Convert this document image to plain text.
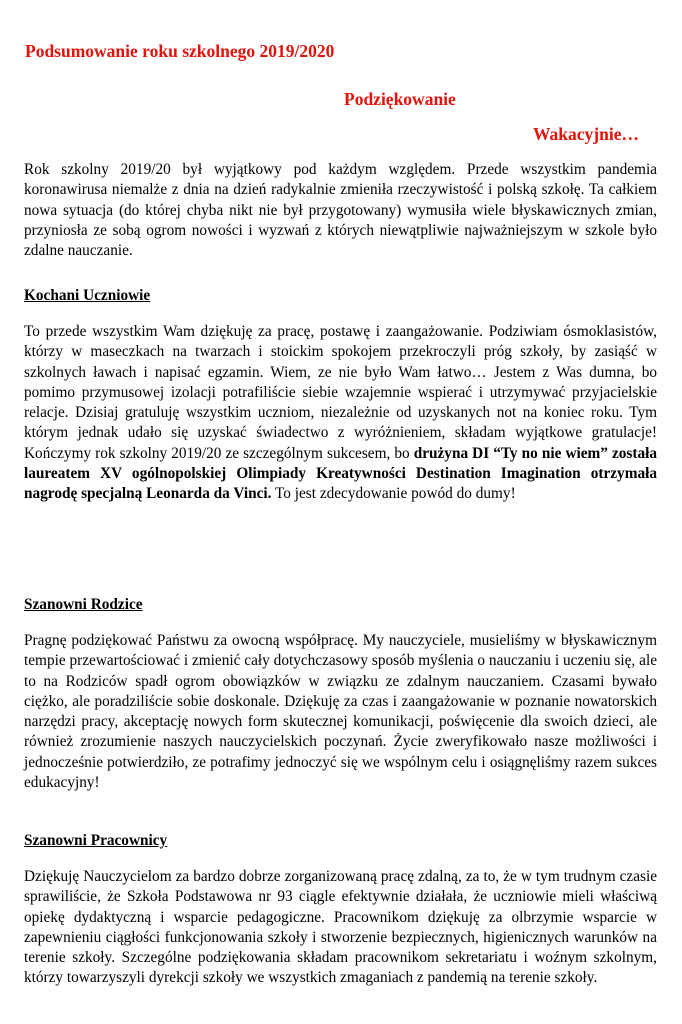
Podsumowanie roku szkolnego 2019/2020
Podziękowanie
Wakacyjnie…

Rok szkolny 2019/20 był wyjątkowy pod każdym względem. Przede wszystkim pandemia koronawirusa niemalże z dnia na dzień radykalnie zmieniła rzeczywistość i polską szkołę. Ta całkiem nowa sytuacja (do której chyba nikt nie był przygotowany) wymusiła wiele błyskawicznych zmian, przyniosła ze sobą ogrom nowości i wyzwań z których niewątpliwie najważniejszym w szkole było zdalne nauczanie.

Kochani Uczniowie

To przede wszystkim Wam dziękuję za pracę, postawę i zaangażowanie. Podziwiam ósmoklasistów, którzy w maseczkach na twarzach i stoickim spokojem przekroczyli próg szkoły, by zasiąść w szkolnych ławach i napisać egzamin. Wiem, ze nie było Wam łatwo… Jestem z Was dumna, bo pomimo przymusowej izolacji potrafiliście siebie wzajemnie wspierać i utrzymywać przyjacielskie relacje. Dzisiaj gratuluję wszystkim uczniom, niezależnie od uzyskanych not na koniec roku. Tym którym jednak udało się uzyskać świadectwo z wyróżnieniem, składam wyjątkowe gratulacje! Kończymy rok szkolny 2019/20 ze szczególnym sukcesem, bo drużyna DI “Ty no nie wiem” została laureatem XV ogólnopolskiej Olimpiady Kreatywności Destination Imagination otrzymała nagrodę specjalną Leonarda da Vinci. To jest zdecydowanie powód do dumy!

Szanowni Rodzice

Pragnę podziękować Państwu za owocną współpracę. My nauczyciele, musieliśmy w błyskawicznym tempie przewartościować i zmienić cały dotychczasowy sposób myślenia o nauczaniu i uczeniu się, ale to na Rodziców spadł ogrom obowiązków w związku ze zdalnym nauczaniem. Czasami bywało ciężko, ale poradziliście sobie doskonale. Dziękuję za czas i zaangażowanie w poznanie nowatorskich narzędzi pracy, akceptację nowych form skutecznej komunikacji, poświęcenie dla swoich dzieci, ale również zrozumienie naszych nauczycielskich poczynań. Życie zweryfikowało nasze możliwości i jednocześnie potwierdziło, ze potrafimy jednoczyć się we wspólnym celu i osiągnęliśmy razem sukces edukacyjny!

Szanowni Pracownicy

Dziękuję Nauczycielom za bardzo dobrze zorganizowaną pracę zdalną, za to, że w tym trudnym czasie sprawiliście, że Szkoła Podstawowa nr 93 ciągle efektywnie działała, że uczniowie mieli właściwą opiekę dydaktyczną i wsparcie pedagogiczne. Pracownikom dziękuję za olbrzymie wsparcie w zapewnieniu ciągłości funkcjonowania szkoły i stworzenie bezpiecznych, higienicznych warunków na terenie szkoły. Szczególne podziękowania składam pracownikom sekretariatu i woźnym szkolnym, którzy towarzyszyli dyrekcji szkoły we wszystkich zmaganiach z pandemią na terenie szkoły.
